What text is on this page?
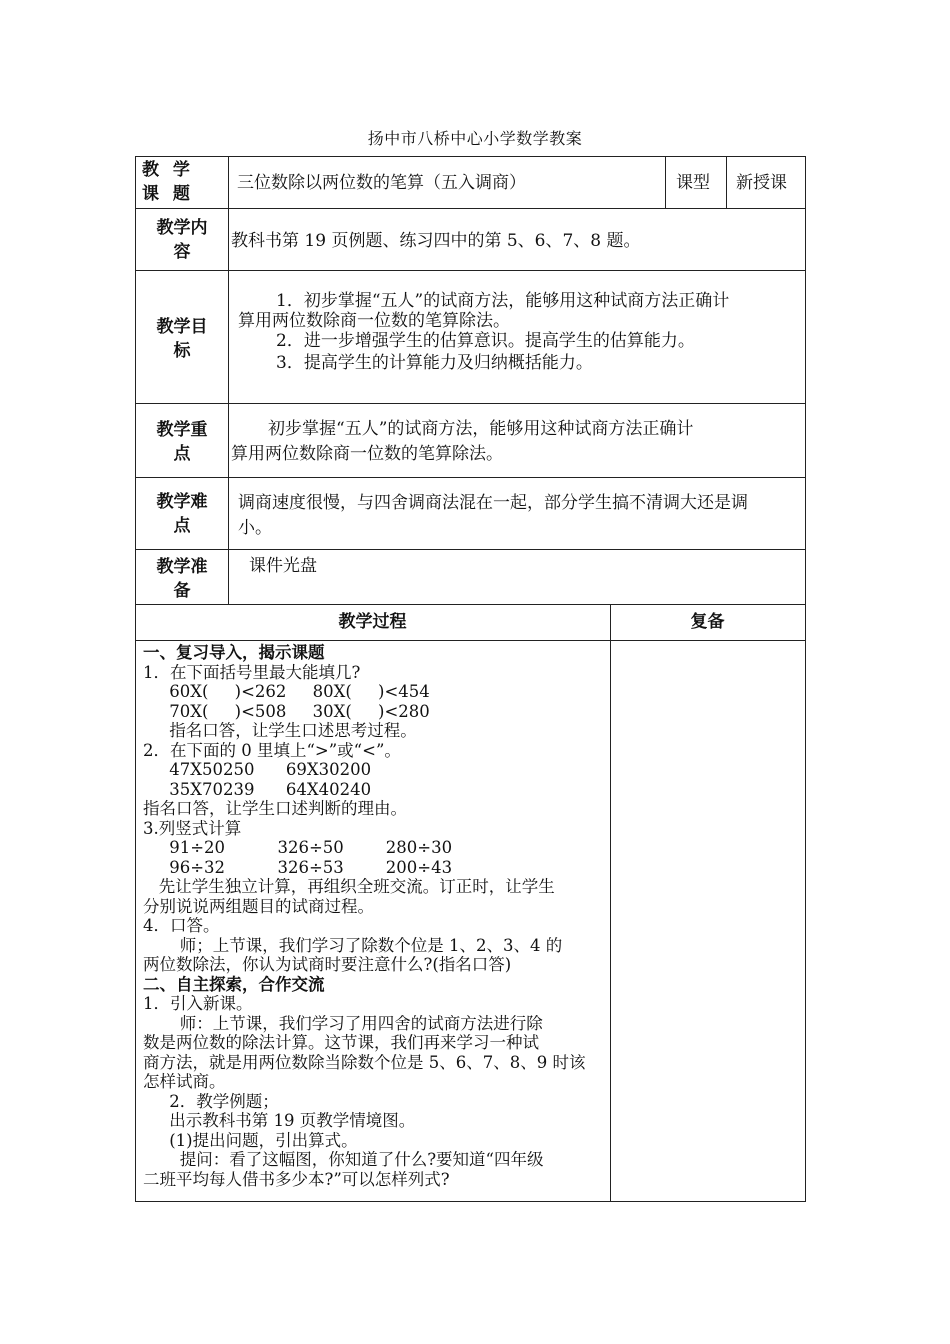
扬中市八桥中心小学数学教案
教 学 课 题
三位数除以两位数的笔算（五入调商）	课型 新授课
教学内容
教科书第 19 页例题、练习四中的第 5、6、7、8 题。
教学目标
1．初步掌握“五人”的试商方法，能够用这种试商方法正确计
算用两位数除商一位数的笔算除法。
2．进一步增强学生的估算意识。提高学生的估算能力。
3．提高学生的计算能力及归纳概括能力。
教学重点
初步掌握“五人”的试商方法，能够用这种试商方法正确计
算用两位数除商一位数的笔算除法。
教学难点
调商速度很慢，与四舍调商法混在一起，部分学生搞不清调大还是调
小。
教学准备
课件光盘
教学过程	复备
一、复习导入，揭示课题
1．在下面括号里最大能填几?
60X(     )<262     80X(     )<454
70X(     )<508     30X(     )<280
指名口答，让学生口述思考过程。
2．在下面的 0 里填上“>”或“<”。
47X50250      69X30200
35X70239      64X40240
指名口答，让学生口述判断的理由。
3.列竖式计算
91÷20          326÷50        280÷30
96÷32          326÷53        200÷43
先让学生独立计算，再组织全班交流。订正时，让学生
分别说说两组题目的试商过程。
4．口答。
师；上节课，我们学习了除数个位是 1、2、3、4 的
两位数除法，你认为试商时要注意什么?(指名口答)
二、自主探索，合作交流
1．引入新课。
师：上节课，我们学习了用四舍的试商方法进行除
数是两位数的除法计算。这节课，我们再来学习一种试
商方法，就是用两位数除当除数个位是 5、6、7、8、9 时该
怎样试商。
2．教学例题；
出示教科书第 19 页教学情境图。
(1)提出问题，引出算式。
提问：看了这幅图，你知道了什么?要知道“四年级
二班平均每人借书多少本?”可以怎样列式?
